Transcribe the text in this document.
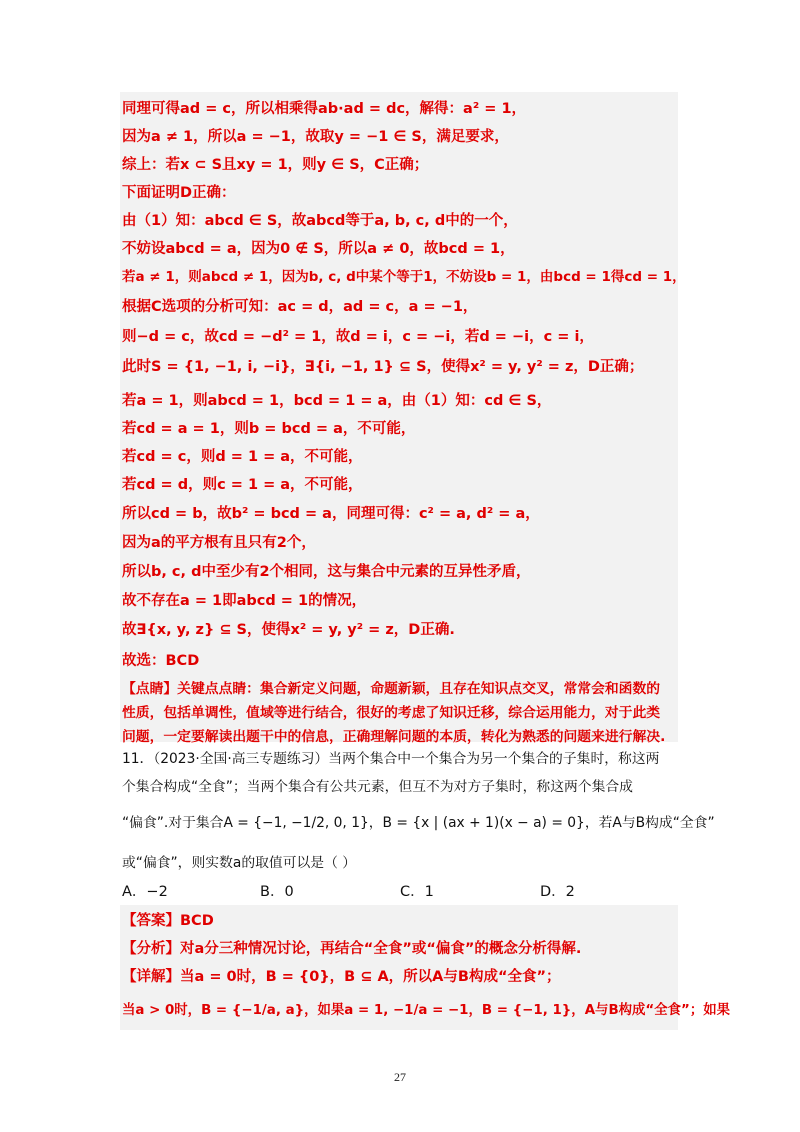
同理可得ad = c，所以相乘得ab·ad = dc，解得：a² = 1，
因为a ≠ 1，所以a = −1，故取y = −1 ∈ S，满足要求，
综上：若x ⊂ S且xy = 1，则y ∈ S，C正确；
下面证明D正确：
由（1）知：abcd ∈ S，故abcd等于a, b, c, d中的一个，
不妨设abcd = a，因为0 ∉ S，所以a ≠ 0，故bcd = 1，
若a ≠ 1，则abcd ≠ 1，因为b, c, d中某个等于1，不妨设b = 1，由bcd = 1得cd = 1，
根据C选项的分析可知：ac = d，ad = c，a = −1，
则−d = c，故cd = −d² = 1，故d = i，c = −i，若d = −i，c = i，
此时S = {1, −1, i, −i}，∃{i, −1, 1} ⊆ S，使得x² = y, y² = z，D正确；
若a = 1，则abcd = 1，bcd = 1 = a，由（1）知：cd ∈ S，
若cd = a = 1，则b = bcd = a，不可能，
若cd = c，则d = 1 = a，不可能，
若cd = d，则c = 1 = a，不可能，
所以cd = b，故b² = bcd = a，同理可得：c² = a, d² = a，
因为a的平方根有且只有2个，
所以b, c, d中至少有2个相同，这与集合中元素的互异性矛盾，
故不存在a = 1即abcd = 1的情况，
故∃{x, y, z} ⊆ S，使得x² = y, y² = z，D正确.
故选：BCD
【点睛】关键点点睛：集合新定义问题，命题新颖，且存在知识点交叉，常常会和函数的
性质，包括单调性，值域等进行结合，很好的考虑了知识迁移，综合运用能力，对于此类
问题，一定要解读出题干中的信息，正确理解问题的本质，转化为熟悉的问题来进行解决.
11．（2023·全国·高三专题练习）当两个集合中一个集合为另一个集合的子集时，称这两
个集合构成“全食”；当两个集合有公共元素，但互不为对方子集时，称这两个集合成
“偏食”.对于集合A = {−1, −1/2, 0, 1}，B = {x | (ax + 1)(x − a) = 0}，若A与B构成“全食”
或“偏食”，则实数a的取值可以是（ ）
A．−2	B．0	C．1	D．2
【答案】BCD
【分析】对a分三种情况讨论，再结合“全食”或“偏食”的概念分析得解.
【详解】当a = 0时，B = {0}，B ⊆ A，所以A与B构成“全食”；
当a > 0时，B = {−1/a, a}，如果a = 1, −1/a = −1，B = {−1, 1}，A与B构成“全食”；如果
27
